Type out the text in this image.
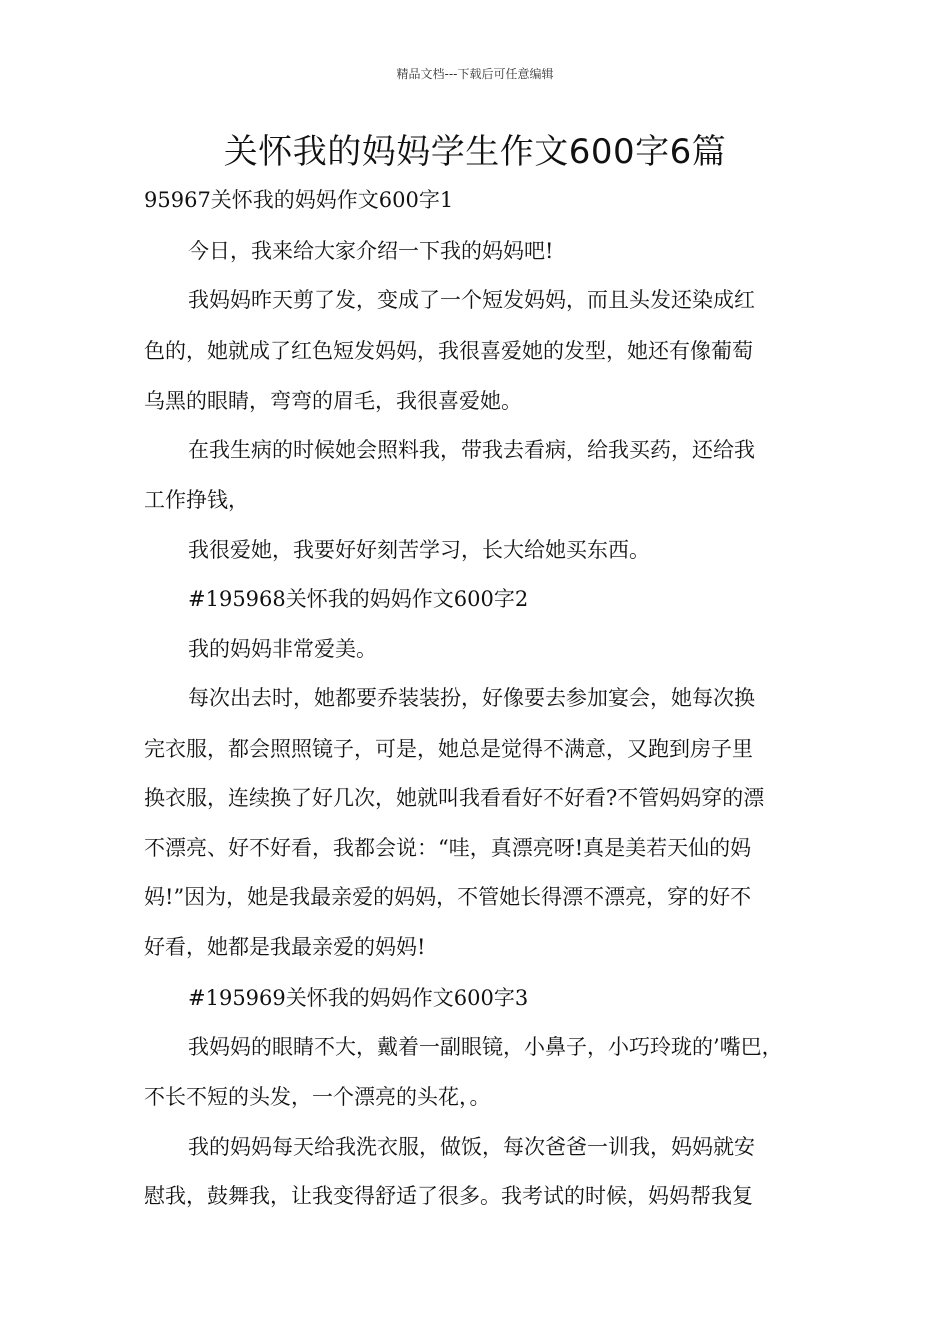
精品文档---下载后可任意编辑
关怀我的妈妈学生作文600字6篇
95967关怀我的妈妈作文600字1
今日，我来给大家介绍一下我的妈妈吧!
我妈妈昨天剪了发，变成了一个短发妈妈，而且头发还染成红
色的，她就成了红色短发妈妈，我很喜爱她的发型，她还有像葡萄
乌黑的眼睛，弯弯的眉毛，我很喜爱她。
在我生病的时候她会照料我，带我去看病，给我买药，还给我
工作挣钱，
我很爱她，我要好好刻苦学习，长大给她买东西。
#195968关怀我的妈妈作文600字2
我的妈妈非常爱美。
每次出去时，她都要乔装装扮，好像要去参加宴会，她每次换
完衣服，都会照照镜子，可是，她总是觉得不满意，又跑到房子里
换衣服，连续换了好几次，她就叫我看看好不好看?不管妈妈穿的漂
不漂亮、好不好看，我都会说：“哇，真漂亮呀!真是美若天仙的妈
妈!”因为，她是我最亲爱的妈妈，不管她长得漂不漂亮，穿的好不
好看，她都是我最亲爱的妈妈!
#195969关怀我的妈妈作文600字3
我妈妈的眼睛不大，戴着一副眼镜，小鼻子，小巧玲珑的’嘴巴，
不长不短的头发，一个漂亮的头花，。
我的妈妈每天给我洗衣服，做饭，每次爸爸一训我，妈妈就安
慰我，鼓舞我，让我变得舒适了很多。我考试的时候，妈妈帮我复
